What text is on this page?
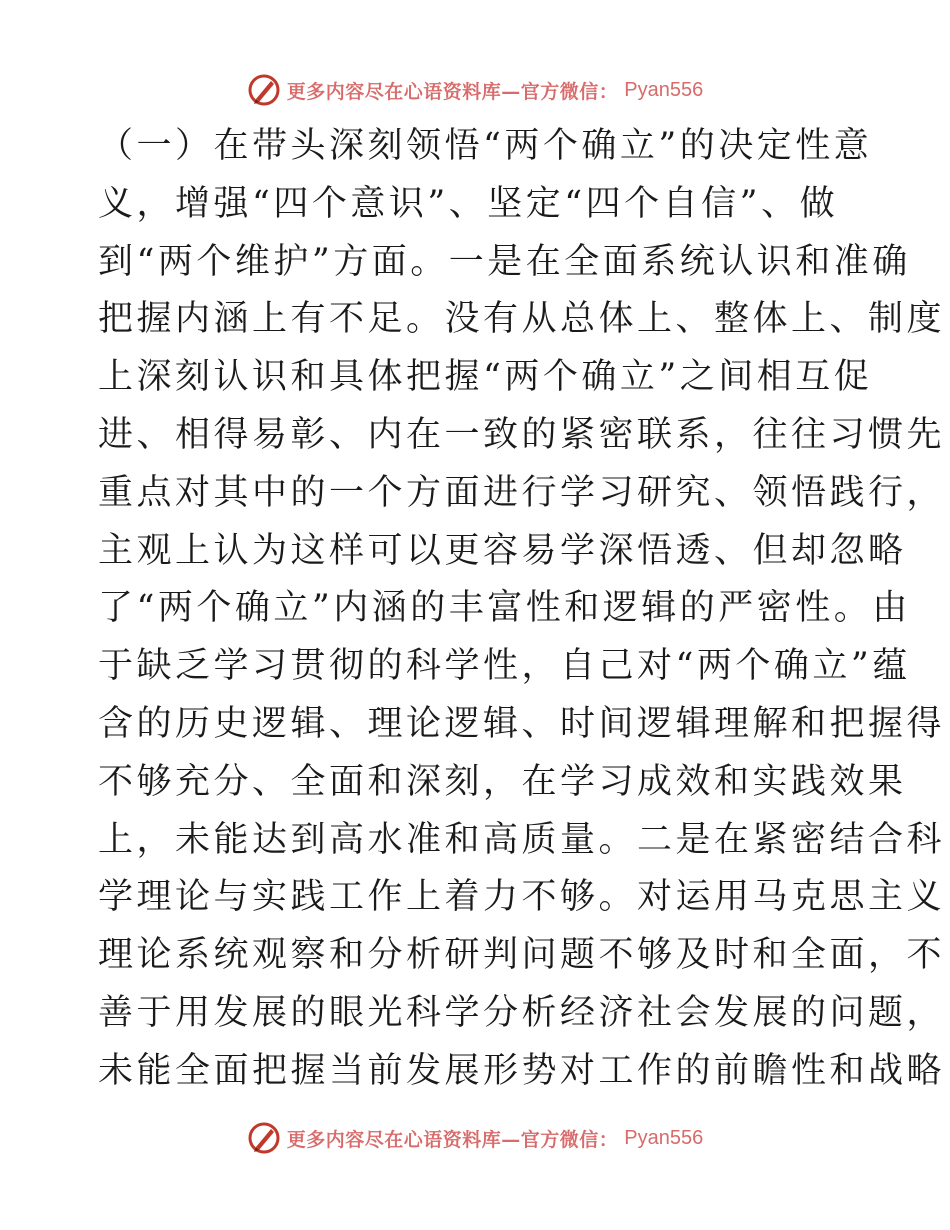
更多内容尽在心语资料库—官方微信： Pyan556
（一）在带头深刻领悟“两个确立”的决定性意
义，增强“四个意识”、坚定“四个自信”、做
到“两个维护”方面。一是在全面系统认识和准确
把握内涵上有不足。没有从总体上、整体上、制度
上深刻认识和具体把握“两个确立”之间相互促
进、相得易彰、内在一致的紧密联系，往往习惯先
重点对其中的一个方面进行学习研究、领悟践行，
主观上认为这样可以更容易学深悟透、但却忽略
了“两个确立”内涵的丰富性和逻辑的严密性。由
于缺乏学习贯彻的科学性，自己对“两个确立”蕴
含的历史逻辑、理论逻辑、时间逻辑理解和把握得
不够充分、全面和深刻，在学习成效和实践效果
上，未能达到高水准和高质量。二是在紧密结合科
学理论与实践工作上着力不够。对运用马克思主义
理论系统观察和分析研判问题不够及时和全面，不
善于用发展的眼光科学分析经济社会发展的问题，
未能全面把握当前发展形势对工作的前瞻性和战略
更多内容尽在心语资料库—官方微信： Pyan556
